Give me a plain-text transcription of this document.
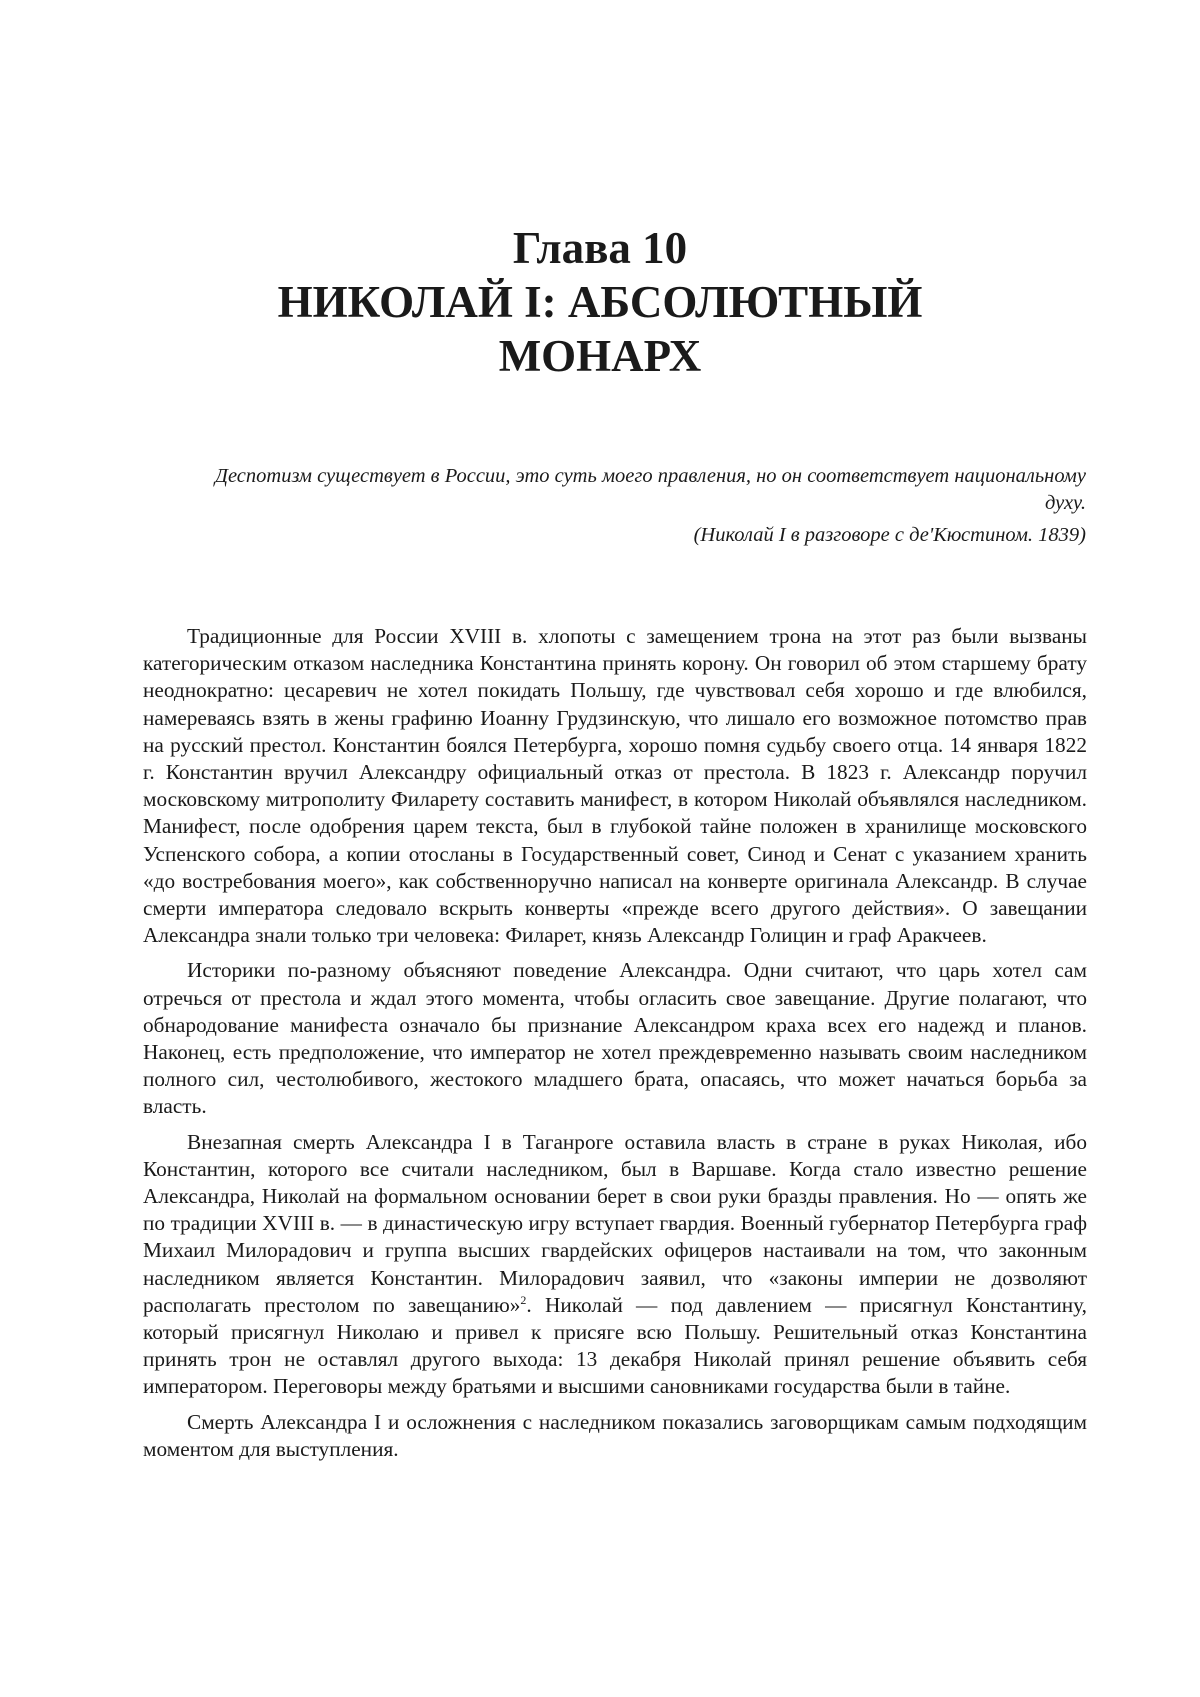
Глава 10
НИКОЛАЙ I: АБСОЛЮТНЫЙ
МОНАРХ

Деспотизм существует в России, это суть моего правления, но он соответствует национальному духу.

(Николай I в разговоре с де'Кюстином. 1839)

Традиционные для России XVIII в. хлопоты с замещением трона на этот раз были вызваны категорическим отказом наследника Константина принять корону. Он говорил об этом старшему брату неоднократно: цесаревич не хотел покидать Польшу, где чувствовал себя хорошо и где влюбился, намереваясь взять в жены графиню Иоанну Грудзинскую, что лишало его возможное потомство прав на русский престол. Константин боялся Петербурга, хорошо помня судьбу своего отца. 14 января 1822 г. Константин вручил Александру официальный отказ от престола. В 1823 г. Александр поручил московскому митрополиту Филарету составить манифест, в котором Николай объявлялся наследником. Манифест, после одобрения царем текста, был в глубокой тайне положен в хранилище московского Успенского собора, а копии отосланы в Государственный совет, Синод и Сенат с указанием хранить «до востребования моего», как собственноручно написал на конверте оригинала Александр. В случае смерти императора следовало вскрыть конверты «прежде всего другого действия». О завещании Александра знали только три человека: Филарет, князь Александр Голицин и граф Аракчеев.

Историки по-разному объясняют поведение Александра. Одни считают, что царь хотел сам отречься от престола и ждал этого момента, чтобы огласить свое завещание. Другие полагают, что обнародование манифеста означало бы признание Александром краха всех его надежд и планов. Наконец, есть предположение, что император не хотел преждевременно называть своим наследником полного сил, честолюбивого, жестокого младшего брата, опасаясь, что может начаться борьба за власть.

Внезапная смерть Александра I в Таганроге оставила власть в стране в руках Николая, ибо Константин, которого все считали наследником, был в Варшаве. Когда стало известно решение Александра, Николай на формальном основании берет в свои руки бразды правления. Но — опять же по традиции XVIII в. — в династическую игру вступает гвардия. Военный губернатор Петербурга граф Михаил Милорадович и группа высших гвардейских офицеров настаивали на том, что законным наследником является Константин. Милорадович заявил, что «законы империи не дозволяют располагать престолом по завещанию»$^2$. Николай — под давлением — присягнул Константину, который присягнул Николаю и привел к присяге всю Польшу. Решительный отказ Константина принять трон не оставлял другого выхода: 13 декабря Николай принял решение объявить себя императором. Переговоры между братьями и высшими сановниками государства были в тайне.

Смерть Александра I и осложнения с наследником показались заговорщикам самым подходящим моментом для выступления.
